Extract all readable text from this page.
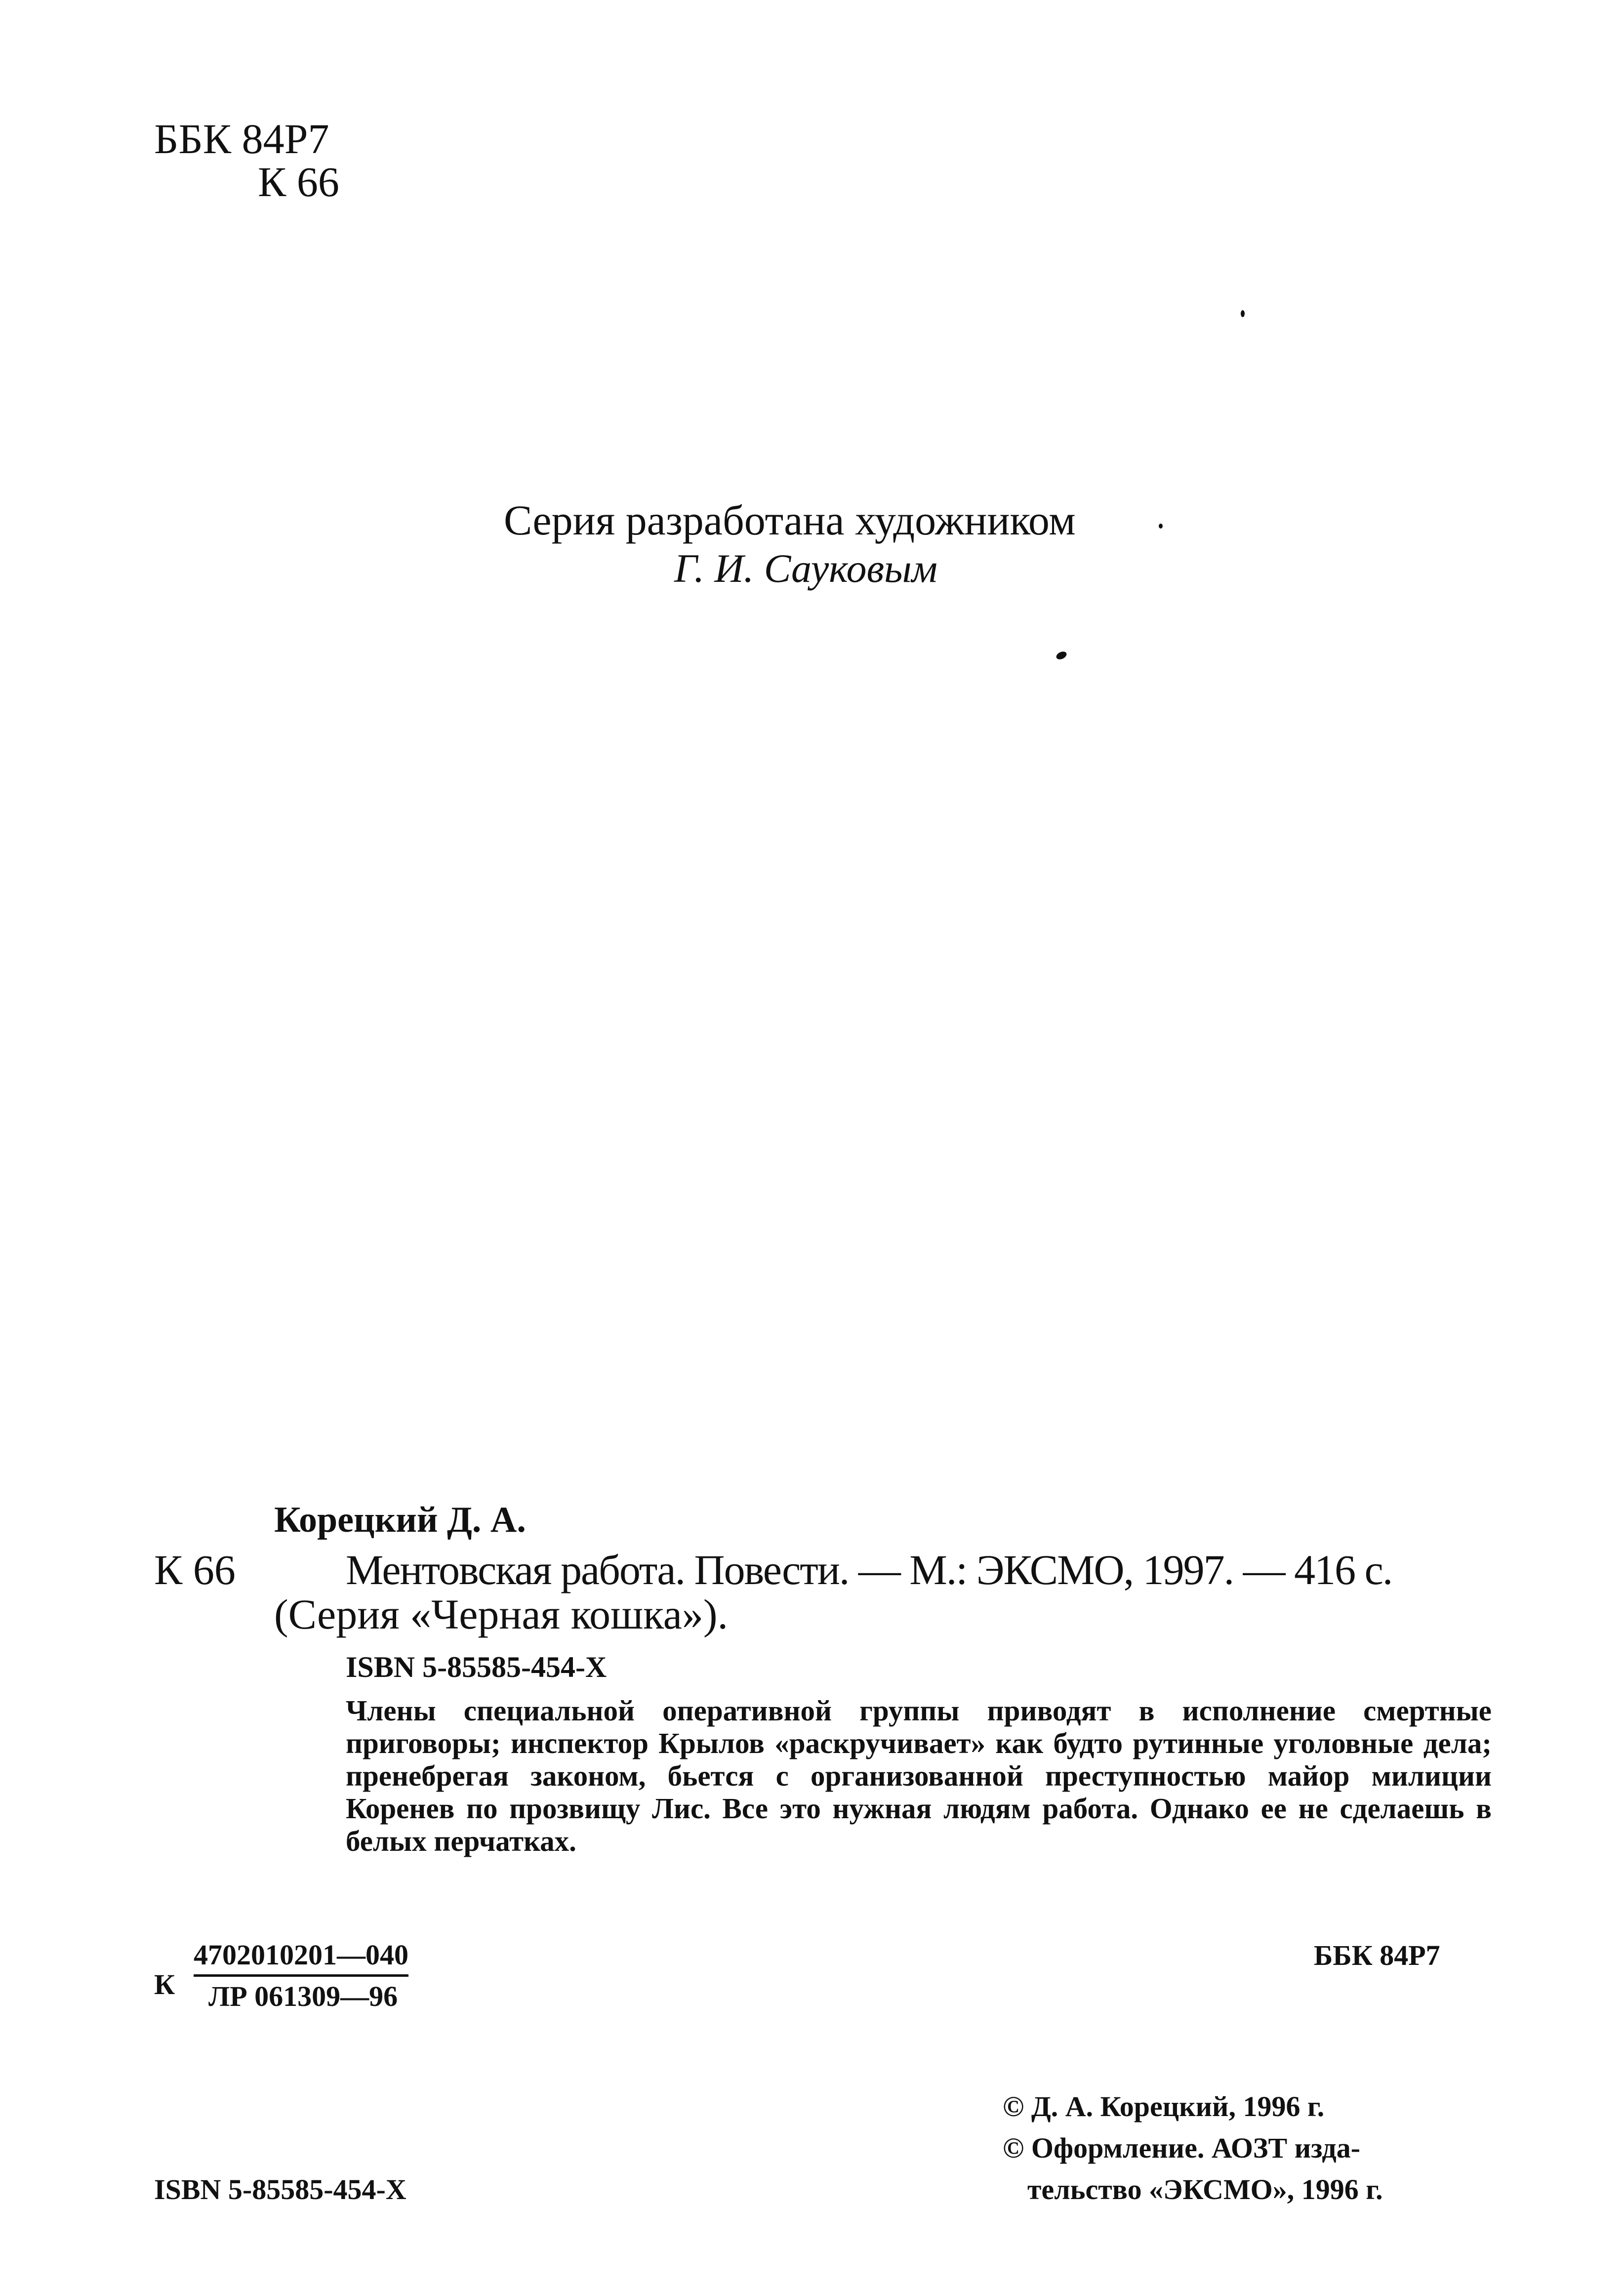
ББК 84Р7
К 66
Серия разработана художником
Г. И. Сауковым
Корецкий Д. А.
К 66	Ментовская работа. Повести. — М.: ЭКСМО, 1997. — 416 с.
(Серия «Черная кошка»).
ISBN 5-85585-454-X

Члены специальной оперативной группы приводят в исполнение смертные приговоры; инспектор Крылов «раскручивает» как будто рутинные уголовные дела; пренебрегая законом, бьется с организованной преступностью майор милиции Коренев по прозвищу Лис. Все это нужная людям работа. Однако ее не сделаешь в белых перчатках.

К
4702010201—040
ЛР 061309—96
ББК 84Р7
© Д. А. Корецкий, 1996 г.
© Оформление. АОЗТ изда-
тельство «ЭКСМО», 1996 г.
ISBN 5-85585-454-X
